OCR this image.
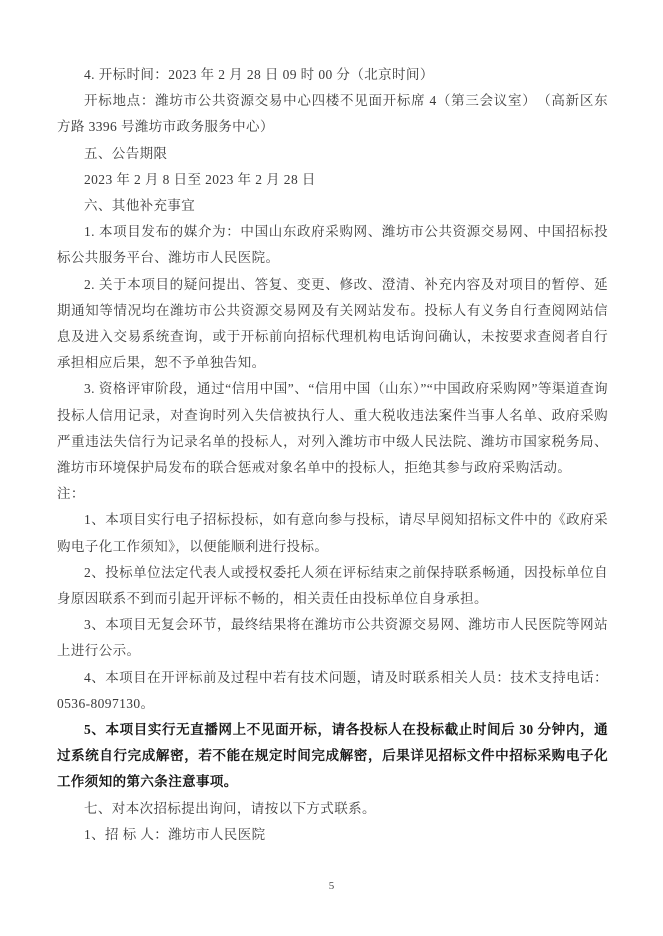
4. 开标时间：2023 年 2 月 28 日 09 时 00 分（北京时间）

开标地点：潍坊市公共资源交易中心四楼不见面开标席 4（第三会议室）　（高新区东方路 3396 号潍坊市政务服务中心）

五、公告期限

2023 年 2 月 8 日至 2023 年 2 月 28 日

六、其他补充事宜

1. 本项目发布的媒介为：中国山东政府采购网、潍坊市公共资源交易网、中国招标投标公共服务平台、潍坊市人民医院。

2. 关于本项目的疑问提出、答复、变更、修改、澄清、补充内容及对项目的暂停、延期通知等情况均在潍坊市公共资源交易网及有关网站发布。投标人有义务自行查阅网站信息及进入交易系统查询，或于开标前向招标代理机构电话询问确认，未按要求查阅者自行承担相应后果，恕不予单独告知。

3. 资格评审阶段，通过“信用中国”、“信用中国（山东）”“中国政府采购网”等渠道查询投标人信用记录，对查询时列入失信被执行人、重大税收违法案件当事人名单、政府采购严重违法失信行为记录名单的投标人，对列入潍坊市中级人民法院、潍坊市国家税务局、潍坊市环境保护局发布的联合惩戒对象名单中的投标人，拒绝其参与政府采购活动。

注：

1、本项目实行电子招标投标，如有意向参与投标，请尽早阅知招标文件中的《政府采购电子化工作须知》，以便能顺利进行投标。

2、投标单位法定代表人或授权委托人须在评标结束之前保持联系畅通，因投标单位自身原因联系不到而引起开评标不畅的，相关责任由投标单位自身承担。

3、本项目无复会环节，最终结果将在潍坊市公共资源交易网、潍坊市人民医院等网站上进行公示。

4、本项目在开评标前及过程中若有技术问题，请及时联系相关人员：技术支持电话：0536-8097130。

5、本项目实行无直播网上不见面开标，请各投标人在投标截止时间后 30 分钟内，通过系统自行完成解密，若不能在规定时间完成解密，后果详见招标文件中招标采购电子化工作须知的第六条注意事项。

七、对本次招标提出询问，请按以下方式联系。

1、招 标 人：潍坊市人民医院

5
